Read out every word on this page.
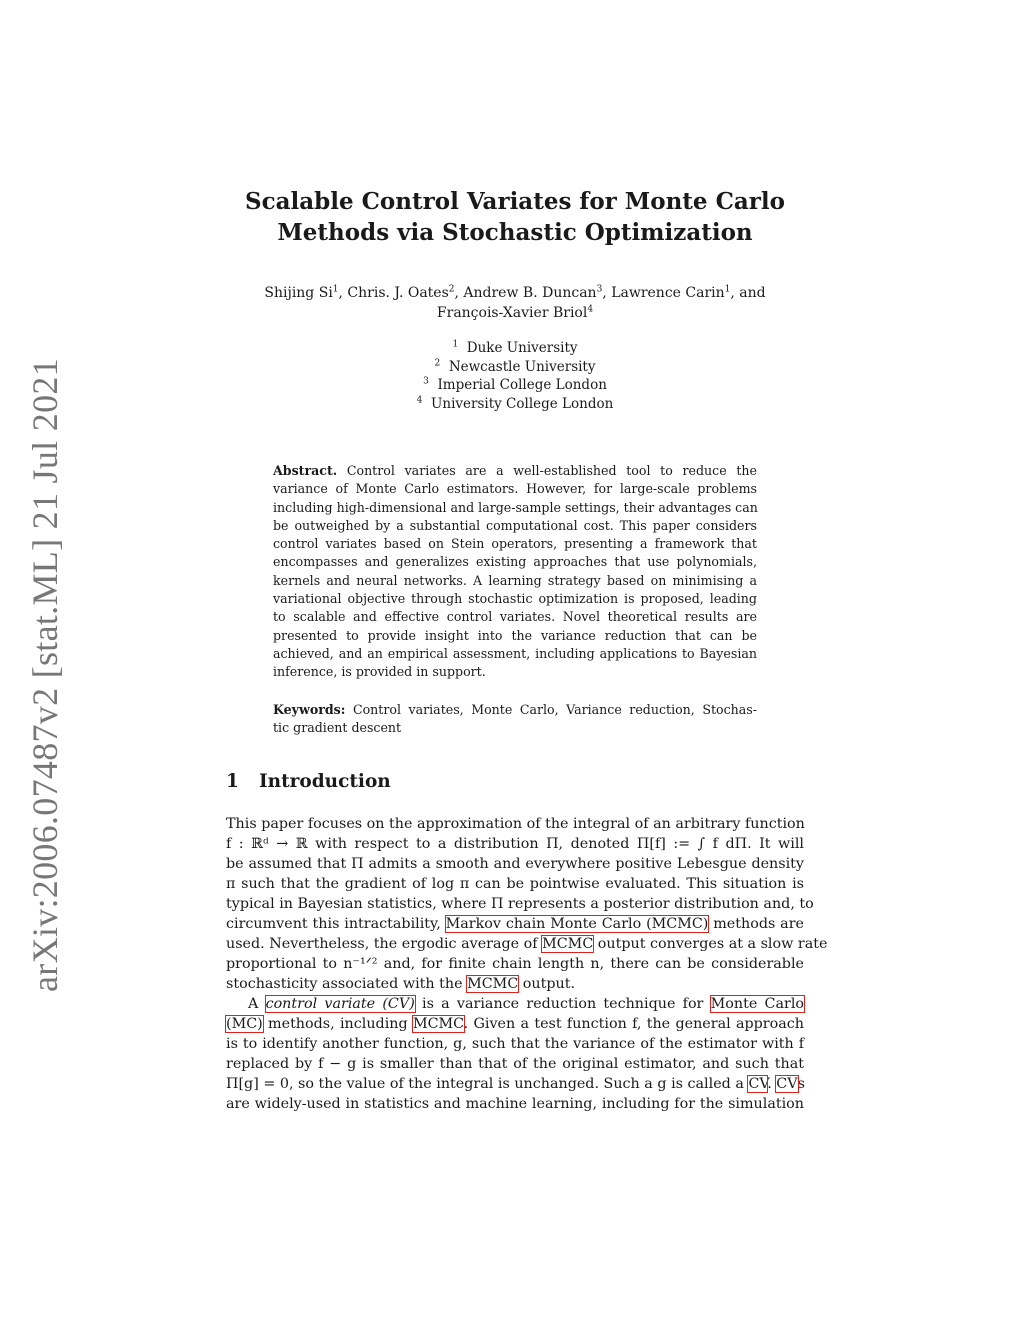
arXiv:2006.07487v2 [stat.ML] 21 Jul 2021
Scalable Control Variates for Monte Carlo
Methods via Stochastic Optimization
Shijing Si$^1$, Chris. J. Oates$^2$, Andrew B. Duncan$^3$, Lawrence Carin$^1$, and
François-Xavier Briol$^4$
$^1$ Duke University
$^2$ Newcastle University
$^3$ Imperial College London
$^4$ University College London
Abstract. Control variates are a well-established tool to reduce the
variance of Monte Carlo estimators. However, for large-scale problems
including high-dimensional and large-sample settings, their advantages can
be outweighed by a substantial computational cost. This paper considers
control variates based on Stein operators, presenting a framework that
encompasses and generalizes existing approaches that use polynomials,
kernels and neural networks. A learning strategy based on minimising a
variational objective through stochastic optimization is proposed, leading
to scalable and effective control variates. Novel theoretical results are
presented to provide insight into the variance reduction that can be
achieved, and an empirical assessment, including applications to Bayesian
inference, is provided in support.
Keywords: Control variates, Monte Carlo, Variance reduction, Stochas-
tic gradient descent
1 Introduction
This paper focuses on the approximation of the integral of an arbitrary function
f : ℝᵈ → ℝ with respect to a distribution Π, denoted Π[f] := ∫ f dΠ. It will
be assumed that Π admits a smooth and everywhere positive Lebesgue density
π such that the gradient of log π can be pointwise evaluated. This situation is
typical in Bayesian statistics, where Π represents a posterior distribution and, to
circumvent this intractability, Markov chain Monte Carlo (MCMC) methods are
used. Nevertheless, the ergodic average of MCMC output converges at a slow rate
proportional to n⁻¹ᐟ² and, for finite chain length n, there can be considerable
stochasticity associated with the MCMC output.
A control variate (CV) is a variance reduction technique for Monte Carlo
(MC) methods, including MCMC. Given a test function f, the general approach
is to identify another function, g, such that the variance of the estimator with f
replaced by f − g is smaller than that of the original estimator, and such that
Π[g] = 0, so the value of the integral is unchanged. Such a g is called a CV. CVs
are widely-used in statistics and machine learning, including for the simulation
